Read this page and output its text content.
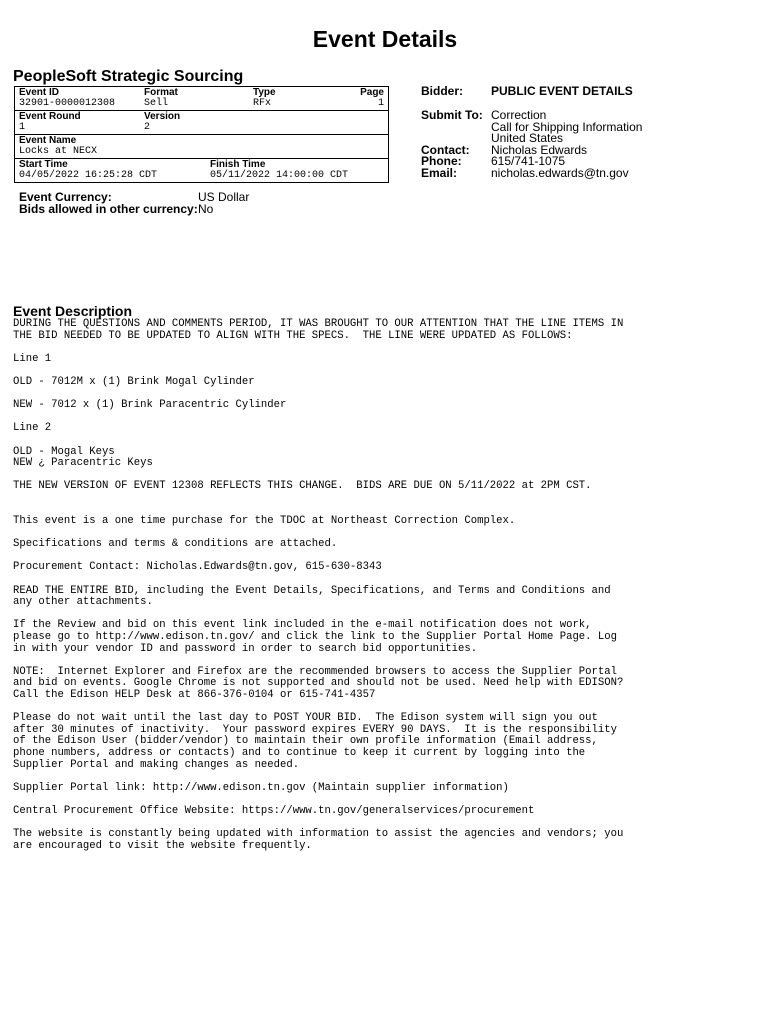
Event Details
PeopleSoft Strategic Sourcing
Event ID
32901-0000012308
Format
Sell
Type
RFx
Page
1
Event Round
1
Version
2
Event Name
Locks at NECX
Start Time
04/05/2022 16:25:28 CDT
Finish Time
05/11/2022 14:00:00 CDT
Bidder: PUBLIC EVENT DETAILS
Submit To: Correction
Call for Shipping Information
United States
Contact: Nicholas Edwards
Phone: 615/741-1075
Email:	nicholas.edwards@tn.gov
Event Currency:	US Dollar
Bids allowed in other currency: No
Event Description
DURING THE QUESTIONS AND COMMENTS PERIOD, IT WAS BROUGHT TO OUR ATTENTION THAT THE LINE ITEMS IN
THE BID NEEDED TO BE UPDATED TO ALIGN WITH THE SPECS.  THE LINE WERE UPDATED AS FOLLOWS:

Line 1

OLD - 7012M x (1) Brink Mogal Cylinder

NEW - 7012 x (1) Brink Paracentric Cylinder

Line 2

OLD - Mogal Keys
NEW ¿ Paracentric Keys

THE NEW VERSION OF EVENT 12308 REFLECTS THIS CHANGE.  BIDS ARE DUE ON 5/11/2022 at 2PM CST.

This event is a one time purchase for the TDOC at Northeast Correction Complex.

Specifications and terms & conditions are attached.

Procurement Contact: Nicholas.Edwards@tn.gov, 615-630-8343

READ THE ENTIRE BID, including the Event Details, Specifications, and Terms and Conditions and
any other attachments.

If the Review and bid on this event link included in the e-mail notification does not work,
please go to http://www.edison.tn.gov/ and click the link to the Supplier Portal Home Page. Log
in with your vendor ID and password in order to search bid opportunities.

NOTE:  Internet Explorer and Firefox are the recommended browsers to access the Supplier Portal
and bid on events. Google Chrome is not supported and should not be used. Need help with EDISON?
Call the Edison HELP Desk at 866-376-0104 or 615-741-4357

Please do not wait until the last day to POST YOUR BID.  The Edison system will sign you out
after 30 minutes of inactivity.  Your password expires EVERY 90 DAYS.  It is the responsibility
of the Edison User (bidder/vendor) to maintain their own profile information (Email address,
phone numbers, address or contacts) and to continue to keep it current by logging into the
Supplier Portal and making changes as needed.

Supplier Portal link: http://www.edison.tn.gov (Maintain supplier information)

Central Procurement Office Website: https://www.tn.gov/generalservices/procurement

The website is constantly being updated with information to assist the agencies and vendors; you
are encouraged to visit the website frequently.
